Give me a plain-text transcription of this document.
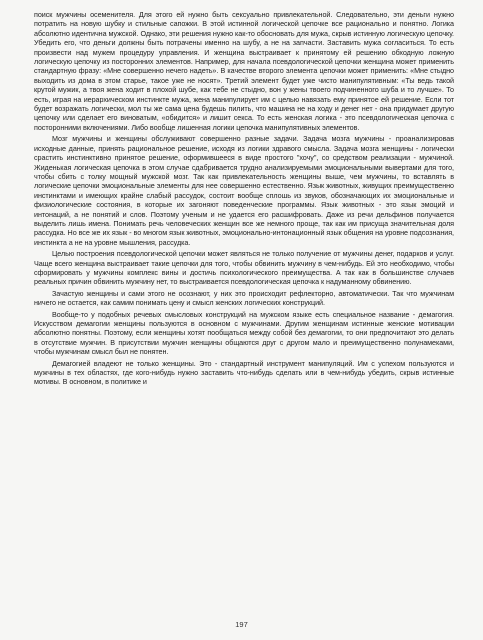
поиск мужчины осеменителя. Для этого ей нужно быть сексуально привлекательной. Следовательно, эти деньги нужно потратить на новую шубку и стильные сапожки. В этой истинной логической цепочке все рационально и понятно. Логика абсолютно идентична мужской. Однако, эти решения нужно как-то обосновать для мужа, скрыв истинную логическую цепочку. Убедить его, что деньги должны быть потрачены именно на шубу, а не на запчасти. Заставить мужа согласиться. То есть произвести над мужем процедуру управления. И женщина выстраивает к принятому ей решению обходную ложную логическую цепочку из посторонних элементов. Например, для начала псевдологической цепочки женщина может применить стандартную фразу: «Мне совершенно нечего надеть». В качестве второго элемента цепочки может применить: «Мне стыдно выходить из дома в этом старье, такое уже не носят». Третий элемент будет уже чисто манипулятивным: «Ты ведь такой крутой мужик, а твоя жена ходит в плохой шубе, как тебе не стыдно, вон у жены твоего подчиненного шуба и то лучше». То есть, играя на иерархическом инстинкте мужа, жена манипулирует им с целью навязать ему принятое ей решение. Если тот будет возражать логически, мол ты же сама цена будешь пилить, что машина не на ходу и денег нет - она придумает другую цепочку или сделает его виноватым, «обидится» и лишит секса. То есть женская логика - это псевдологическая цепочка с посторонними включениями. Либо вообще лишенная логики цепочка манипулятивных элементов.

Мозг мужчины и женщины обслуживают совершенно разные задачи. Задача мозга мужчины - проанализировав исходные данные, принять рациональное решение, исходя из логики здравого смысла. Задача мозга женщины - логически срастить инстинктивно принятое решение, оформившееся в виде простого "хочу", со средством реализации - мужчиной. Жиденькая логическая цепочка в этом случае сдабривается трудно анализируемыми эмоциональными вывертами для того, чтобы сбить с толку мощный мужской мозг. Так как привлекательность женщины выше, чем мужчины, то вставлять в логические цепочки эмоциональные элементы для нее совершенно естественно. Язык животных, живущих преимущественно инстинктами и имеющих крайне слабый рассудок, состоит вообще сплошь из звуков, обозначающих их эмоциональные и физиологические состояния, в которые их загоняют поведенческие программы. Язык животных - это язык эмоций и интонаций, а не понятий и слов. Поэтому ученым и не удается его расшифровать. Даже из речи дельфинов получается выделить лишь имена. Понимать речь человеческих женщин все же немного проще, так как им присуща значительная доля рассудка. Но все же их язык - во многом язык животных, эмоционально-интонационный язык общения на уровне подсознания, инстинкта а не на уровне мышления, рассудка.

Целью построения псевдологической цепочки может являться не только получение от мужчины денег, подарков и услуг. Чаще всего женщина выстраивает такие цепочки для того, чтобы обвинить мужчину в чем-нибудь. Ей это необходимо, чтобы сформировать у мужчины комплекс вины и достичь психологического преимущества. А так как в большинстве случаев реальных причин обвинить мужчину нет, то выстраивается псевдологическая цепочка к надуманному обвинению.

Зачастую женщины и сами этого не осознают, у них это происходит рефлекторно, автоматически. Так что мужчинам ничего не остается, как самим понимать цену и смысл женских логических конструкций.

Вообще-то у подобных речевых смысловых конструкций на мужском языке есть специальное название - демагогия. Искусством демагогии женщины пользуются в основном с мужчинами. Другим женщинам истинные женские мотивации абсолютно понятны. Поэтому, если женщины хотят пообщаться между собой без демагогии, то они предпочитают это делать в отсутствие мужчин. В присутствии мужчин женщины общаются друг с другом мало и преимущественно полунамеками, чтобы мужчинам смысл был не понятен.

Демагогией владеют не только женщины. Это - стандартный инструмент манипуляций. Им с успехом пользуются и мужчины в тех областях, где кого-нибудь нужно заставить что-нибудь сделать или в чем-нибудь убедить, скрыв истинные мотивы. В основном, в политике и

197
